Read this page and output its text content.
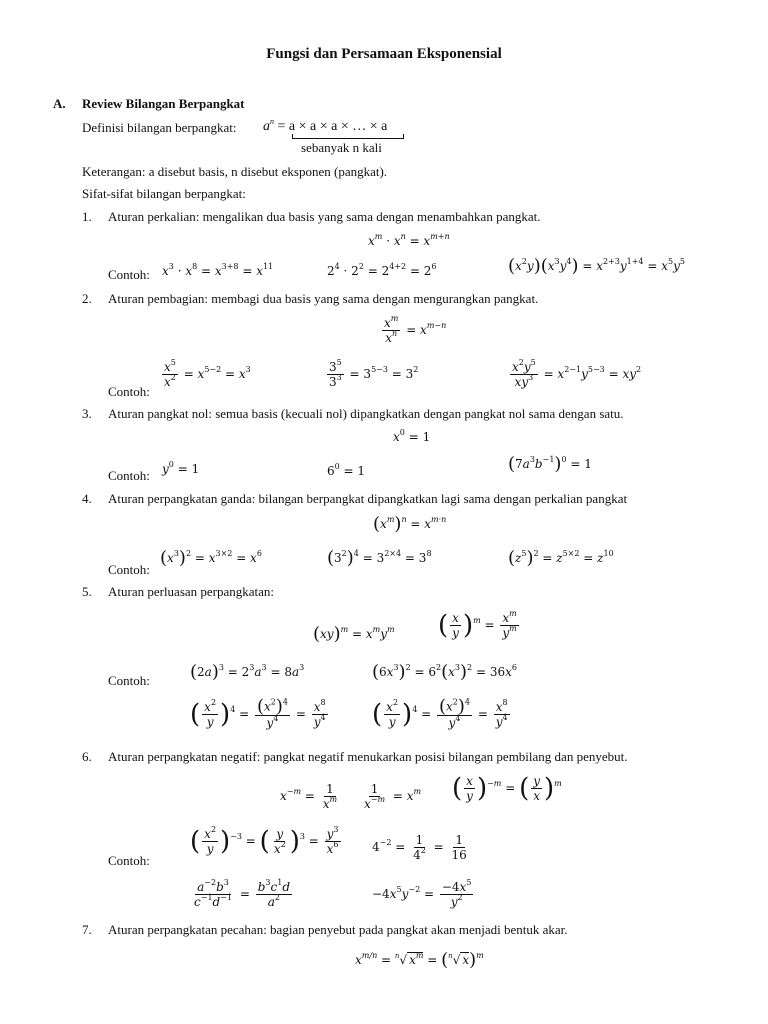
Fungsi dan Persamaan Eksponensial
A. Review Bilangan Berpangkat
Definisi bilangan berpangkat: $a^n = a \times a \times a$ × … × a
sebanyak n kali
Keterangan: a disebut basis, n disebut eksponen (pangkat).
Sifat-sifat bilangan berpangkat:
1. Aturan perkalian: mengalikan dua basis yang sama dengan menambahkan pangkat.
$x^m \cdot x^n = x^{m+n}$
Contoh: $x^3 \cdot x^8 = x^{3+8} = x^{11}$	$2^4 \cdot 2^2 = 2^{4+2} = 2^6$	$(x^2y)(x^3y^4) = x^{2+3}y^{1+4} = x^5y^5$
2. Aturan pembagian: membagi dua basis yang sama dengan mengurangkan pangkat.
$\frac{x^m}{x^n} = x^{m-n}$
Contoh:
$\frac{x^5}{x^2} = x^{5-2} = x^3$	$\frac{3^5}{3^3} = 3^{5-3} = 3^2$	$\frac{x^2y^5}{xy^3} = x^{2-1}y^{5-3} = xy^2$
3. Aturan pangkat nol: semua basis (kecuali nol) dipangkatkan dengan pangkat nol sama dengan satu.
$x^0 = 1$
Contoh: $y^0 = 1$	$6^0 = 1$	$(7a^3b^{-1})^0 = 1$
4. Aturan perpangkatan ganda: bilangan berpangkat dipangkatkan lagi sama dengan perkalian pangkat
$(x^m)^n = x^{m\cdot n}$
Contoh:
$(x^3)^2 = x^{3\times 2} = x^6$	$(3^2)^4 = 3^{2\times 4} = 3^8$	$(z^5)^2 = z^{5\times 2} = z^{10}$
5. Aturan perluasan perpangkatan:
$(xy)^m = x^my^m$ ( $\frac{x}{y} )^m = \frac{x^m}{y^m}$
Contoh: $(2a)^3 = 2^3a^3 = 8a^3$	$(6x^3)^2 = 6^2(x^3)^2 = 36x^6$
( $\frac{x^2}{y} )^4 = \frac{(x^2)^4}{y^4} = \frac{x^8}{y^4}$ ( $\frac{x^2}{y} )^4 = \frac{(x^2)^4}{y^4} = \frac{x^8}{y^4}$
6. Aturan perpangkatan negatif: pangkat negatif menukarkan posisi bilangan pembilang dan penyebut.
$x^{-m} = \frac{1}{x^m} \frac{1}{x^{-m}} = x^m$ ( $\frac{x}{y} )^{-m}$ = ( $\frac{y}{x} )^m$
Contoh:
( $\frac{x^2}{y} )^{-3}$ = ( $\frac{y}{x^2} )^3 = \frac{y^3}{x^6}$	$4^{-2} = \frac{1}{4^2} = \frac{1}{16}$
$\frac{a^{-2}b^3}{c^{-1}d^{-1}} = \frac{b^3c^1d}{a^2}$	$-4x^5y^{-2} = \frac{-4x^5}{y^2}$
7. Aturan perpangkatan pecahan: bagian penyebut pada pangkat akan menjadi bentuk akar.
$x^{m/n} = ^n√$ $x^m = (^n√$ x)$^m$
